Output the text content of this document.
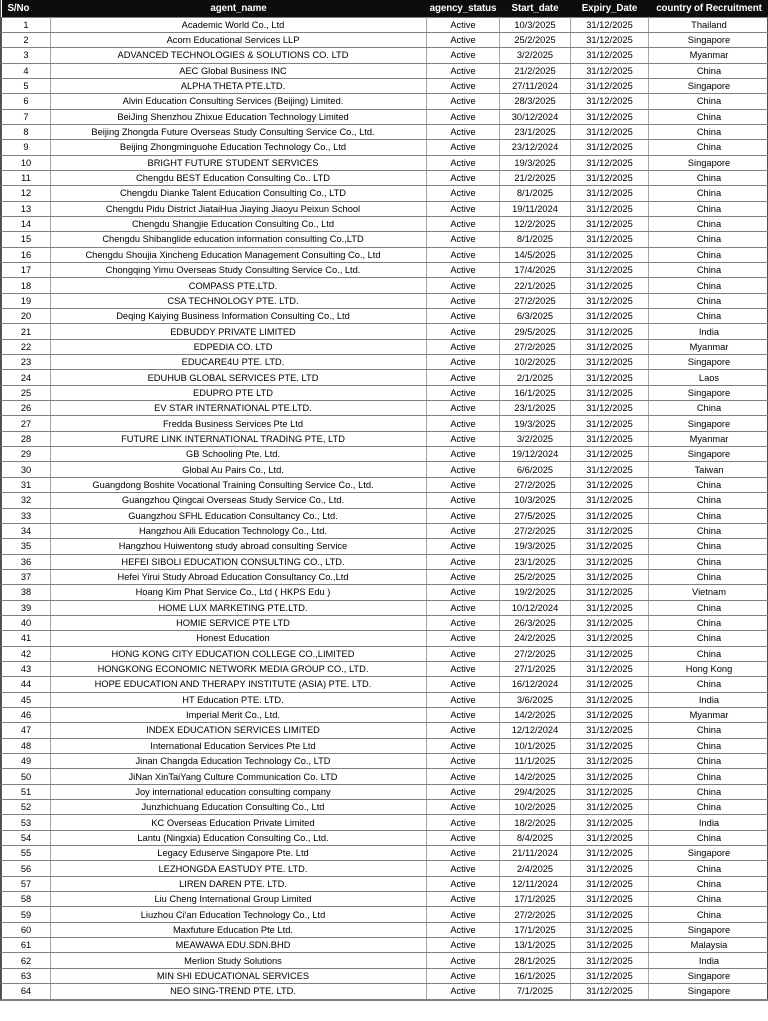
S/No	agent_name	agency_status	Start_date	Expiry_Date	country of Recruitment
1	Academic World Co., Ltd	Active	10/3/2025	31/12/2025	Thailand
2	Acorn Educational Services LLP	Active	25/2/2025	31/12/2025	Singapore
3	ADVANCED TECHNOLOGIES & SOLUTIONS CO. LTD	Active	3/2/2025	31/12/2025	Myanmar
4	AEC Global Business INC	Active	21/2/2025	31/12/2025	China
5	ALPHA THETA PTE.LTD.	Active	27/11/2024	31/12/2025	Singapore
6	Alvin Education Consulting Services (Beijing) Limited.	Active	28/3/2025	31/12/2025	China
7	BeiJing Shenzhou Zhixue Education Technology Limited	Active	30/12/2024	31/12/2025	China
8	Beijing Zhongda Future Overseas Study Consulting Service Co., Ltd.	Active	23/1/2025	31/12/2025	China
9	Beijing Zhongminguohe Education Technology Co., Ltd	Active	23/12/2024	31/12/2025	China
10	BRIGHT FUTURE STUDENT SERVICES	Active	19/3/2025	31/12/2025	Singapore
11	Chengdu BEST Education Consulting Co.. LTD	Active	21/2/2025	31/12/2025	China
12	Chengdu Dianke Talent Education Consulting Co., LTD	Active	8/1/2025	31/12/2025	China
13	Chengdu Pidu District JiataiHua Jiaying Jiaoyu Peixun School	Active	19/11/2024	31/12/2025	China
14	Chengdu Shangjie Education Consulting Co., Ltd	Active	12/2/2025	31/12/2025	China
15	Chengdu Shibanglide education information consulting Co.,LTD	Active	8/1/2025	31/12/2025	China
16	Chengdu Shoujia Xincheng Education Management Consulting Co., Ltd	Active	14/5/2025	31/12/2025	China
17	Chongqing Yimu Overseas Study Consulting Service Co., Ltd.	Active	17/4/2025	31/12/2025	China
18	COMPASS PTE.LTD.	Active	22/1/2025	31/12/2025	China
19	CSA TECHNOLOGY PTE. LTD.	Active	27/2/2025	31/12/2025	China
20	Deqing Kaiying Business Information Consulting Co., Ltd	Active	6/3/2025	31/12/2025	China
21	EDBUDDY PRIVATE LIMITED	Active	29/5/2025	31/12/2025	India
22	EDPEDIA CO. LTD	Active	27/2/2025	31/12/2025	Myanmar
23	EDUCARE4U PTE. LTD.	Active	10/2/2025	31/12/2025	Singapore
24	EDUHUB GLOBAL SERVICES PTE. LTD	Active	2/1/2025	31/12/2025	Laos
25	EDUPRO PTE LTD	Active	16/1/2025	31/12/2025	Singapore
26	EV STAR INTERNATIONAL PTE.LTD.	Active	23/1/2025	31/12/2025	China
27	Fredda Business Services Pte Ltd	Active	19/3/2025	31/12/2025	Singapore
28	FUTURE LINK INTERNATIONAL TRADING PTE, LTD	Active	3/2/2025	31/12/2025	Myanmar
29	GB Schooling Pte. Ltd.	Active	19/12/2024	31/12/2025	Singapore
30	Global Au Pairs Co., Ltd.	Active	6/6/2025	31/12/2025	Taiwan
31	Guangdong Boshite Vocational Training Consulting Service Co., Ltd.	Active	27/2/2025	31/12/2025	China
32	Guangzhou Qingcai Overseas Study Service Co., Ltd.	Active	10/3/2025	31/12/2025	China
33	Guangzhou SFHL Education Consultancy Co., Ltd.	Active	27/5/2025	31/12/2025	China
34	Hangzhou Aili Education Technology Co., Ltd.	Active	27/2/2025	31/12/2025	China
35	Hangzhou Huiwentong study abroad consulting Service	Active	19/3/2025	31/12/2025	China
36	HEFEI SIBOLI EDUCATION CONSULTING CO., LTD.	Active	23/1/2025	31/12/2025	China
37	Hefei Yirui Study Abroad Education Consultancy Co.,Ltd	Active	25/2/2025	31/12/2025	China
38	Hoang Kim Phat Service Co., Ltd ( HKPS Edu )	Active	19/2/2025	31/12/2025	Vietnam
39	HOME LUX MARKETING PTE.LTD.	Active	10/12/2024	31/12/2025	China
40	HOMIE SERVICE PTE LTD	Active	26/3/2025	31/12/2025	China
41	Honest Education	Active	24/2/2025	31/12/2025	China
42	HONG KONG CITY EDUCATION COLLEGE CO.,LIMITED	Active	27/2/2025	31/12/2025	China
43	HONGKONG ECONOMIC NETWORK MEDIA GROUP CO., LTD.	Active	27/1/2025	31/12/2025	Hong Kong
44	HOPE EDUCATION AND THERAPY INSTITUTE (ASIA) PTE. LTD.	Active	16/12/2024	31/12/2025	China
45	HT Education PTE. LTD.	Active	3/6/2025	31/12/2025	India
46	Imperial Merit Co., Ltd.	Active	14/2/2025	31/12/2025	Myanmar
47	INDEX EDUCATION SERVICES LIMITED	Active	12/12/2024	31/12/2025	China
48	International Education Services Pte Ltd	Active	10/1/2025	31/12/2025	China
49	Jinan Changda Education Technology Co., LTD	Active	11/1/2025	31/12/2025	China
50	JiNan XinTaiYang Culture Communication Co. LTD	Active	14/2/2025	31/12/2025	China
51	Joy international education consulting company	Active	29/4/2025	31/12/2025	China
52	Junzhichuang Education Consulting Co., Ltd	Active	10/2/2025	31/12/2025	China
53	KC Overseas Education Private Limited	Active	18/2/2025	31/12/2025	India
54	Lantu (Ningxia) Education Consulting Co., Ltd.	Active	8/4/2025	31/12/2025	China
55	Legacy Eduserve Singapore Pte. Ltd	Active	21/11/2024	31/12/2025	Singapore
56	LEZHONGDA EASTUDY PTE. LTD.	Active	2/4/2025	31/12/2025	China
57	LIREN DAREN PTE. LTD.	Active	12/11/2024	31/12/2025	China
58	Liu Cheng International Group Limited	Active	17/1/2025	31/12/2025	China
59	Liuzhou Ci'an Education Technology Co., Ltd	Active	27/2/2025	31/12/2025	China
60	Maxfuture Education Pte Ltd.	Active	17/1/2025	31/12/2025	Singapore
61	MEAWAWA EDU.SDN.BHD	Active	13/1/2025	31/12/2025	Malaysia
62	Merlion Study Solutions	Active	28/1/2025	31/12/2025	India
63	MIN SHI EDUCATIONAL SERVICES	Active	16/1/2025	31/12/2025	Singapore
64	NEO SING-TREND PTE. LTD.	Active	7/1/2025	31/12/2025	Singapore
